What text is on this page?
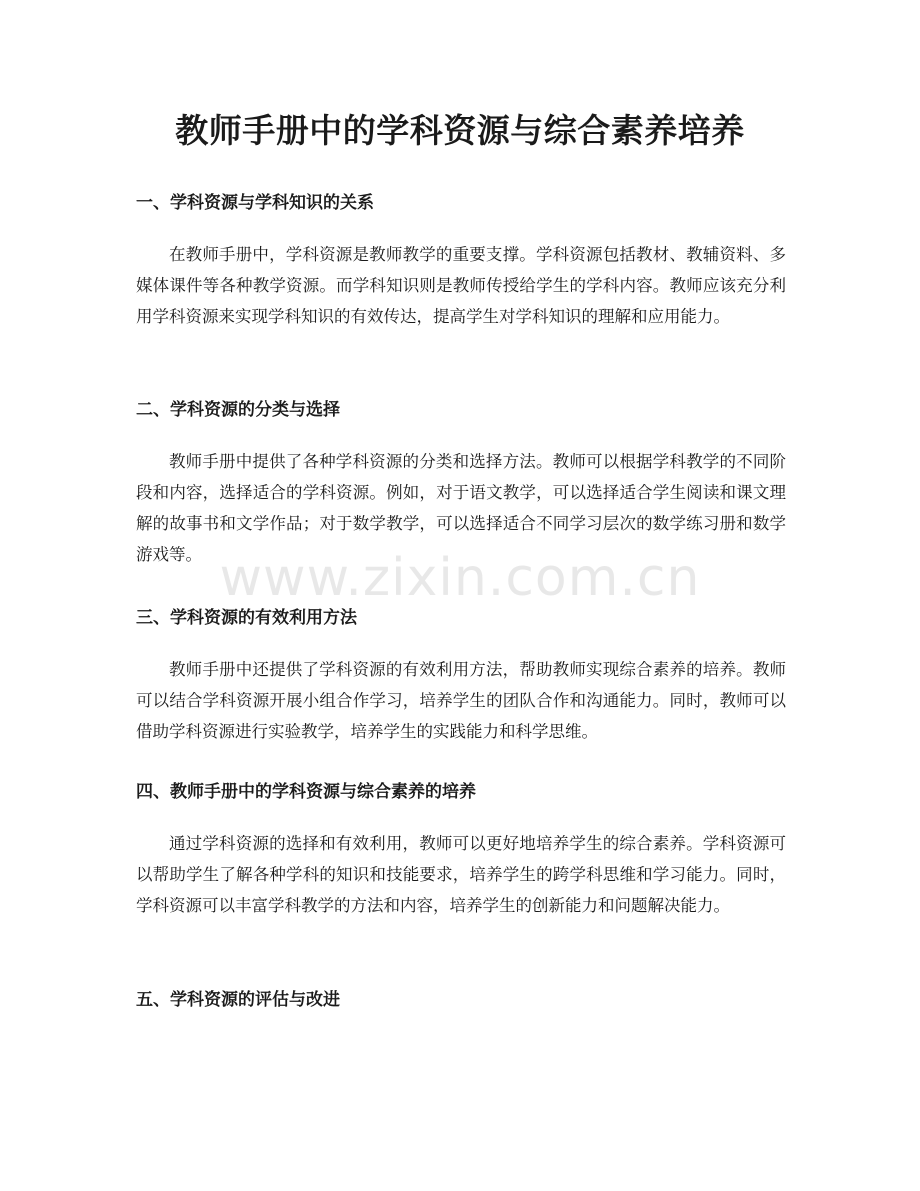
教师手册中的学科资源与综合素养培养
一、学科资源与学科知识的关系

在教师手册中，学科资源是教师教学的重要支撑。学科资源包括教材、教辅资料、多媒体课件等各种教学资源。而学科知识则是教师传授给学生的学科内容。教师应该充分利用学科资源来实现学科知识的有效传达，提高学生对学科知识的理解和应用能力。

二、学科资源的分类与选择

教师手册中提供了各种学科资源的分类和选择方法。教师可以根据学科教学的不同阶段和内容，选择适合的学科资源。例如，对于语文教学，可以选择适合学生阅读和课文理解的故事书和文学作品；对于数学教学，可以选择适合不同学习层次的数学练习册和数学游戏等。

三、学科资源的有效利用方法

教师手册中还提供了学科资源的有效利用方法，帮助教师实现综合素养的培养。教师可以结合学科资源开展小组合作学习，培养学生的团队合作和沟通能力。同时，教师可以借助学科资源进行实验教学，培养学生的实践能力和科学思维。

四、教师手册中的学科资源与综合素养的培养

通过学科资源的选择和有效利用，教师可以更好地培养学生的综合素养。学科资源可以帮助学生了解各种学科的知识和技能要求，培养学生的跨学科思维和学习能力。同时，学科资源可以丰富学科教学的方法和内容，培养学生的创新能力和问题解决能力。

五、学科资源的评估与改进
www.zixin.com.cn
